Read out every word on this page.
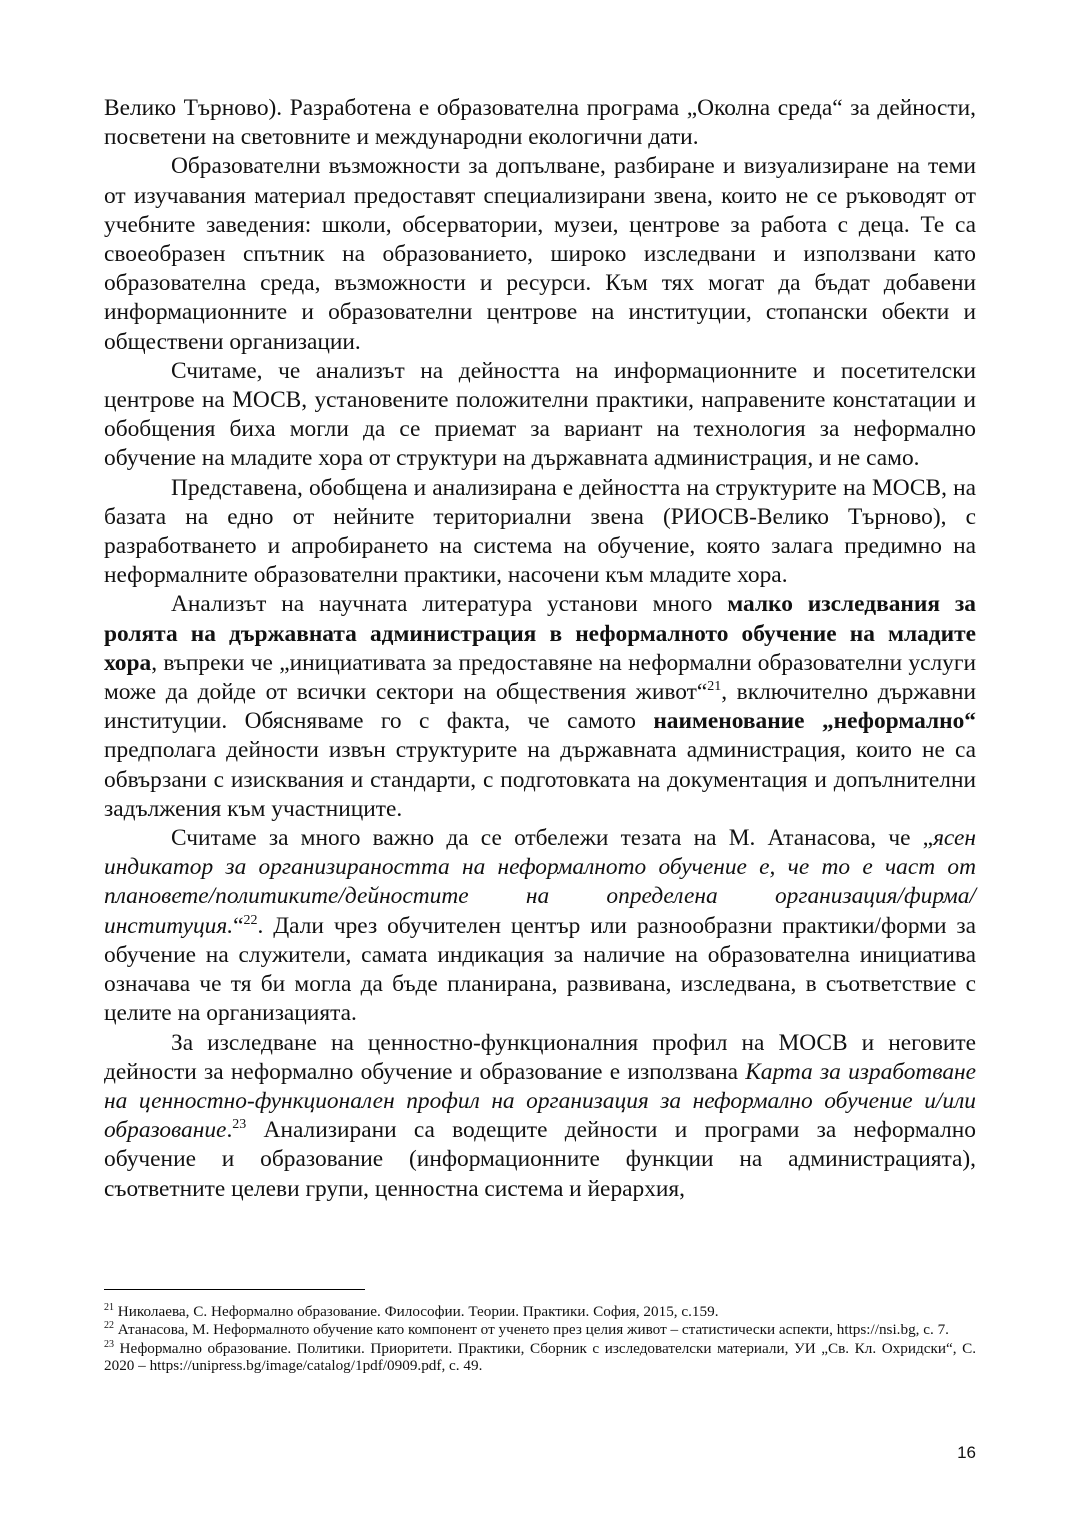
Велико Търново). Разработена е образователна програма „Околна среда“ за дейности, посветени на световните и международни екологични дати.

Образователни възможности за допълване, разбиране и визуализиране на теми от изучавания материал предоставят специализирани звена, които не се ръководят от учебните заведения: школи, обсерватории, музеи, центрове за работа с деца. Те са своеобразен спътник на образованието, широко изследвани и използвани като образователна среда, възможности и ресурси. Към тях могат да бъдат добавени информационните и образователни центрове на институции, стопански обекти и обществени организации.

Считаме, че анализът на дейността на информационните и посетителски центрове на МОСВ, установените положителни практики, направените констатации и обобщения биха могли да се приемат за вариант на технология за неформално обучение на младите хора от структури на държавната администрация, и не само.

Представена, обобщена и анализирана е дейността на структурите на МОСВ, на базата на едно от нейните териториални звена (РИОСВ-Велико Търново), с разработването и апробирането на система на обучение, която залага предимно на неформалните образователни практики, насочени към младите хора.

Анализът на научната литература установи много малко изследвания за ролята на държавната администрация в неформалното обучение на младите хора, въпреки че „инициативата за предоставяне на неформални образователни услуги може да дойде от всички сектори на обществения живот“$^{21}$, включително държавни институции. Обясняваме го с факта, че самото наименование „неформално“ предполага дейности извън структурите на държавната администрация, които не са обвързани с изисквания и стандарти, с подготовката на документация и допълнителни задължения към участниците.

Считаме за много важно да се отбележи тезата на М. Атанасова, че „ясен индикатор за организираността на неформалното обучение е, че то е част от плановете/политиките/дейностите на определена организация/фирма/институция.“$^{22}$. Дали чрез обучителен център или разнообразни практики/форми за обучение на служители, самата индикация за наличие на образователна инициатива означава че тя би могла да бъде планирана, развивана, изследвана, в съответствие с целите на организацията.

За изследване на ценностно-функционалния профил на МОСВ и неговите дейности за неформално обучение и образование е използвана Карта за изработване на ценностно-функционален профил на организация за неформално обучение и/или образование.$^{23}$ Анализирани са водещите дейности и програми за неформално обучение и образование (информационните функции на администрацията), съответните целеви групи, ценностна система и йерархия,

$^{21}$ Николаева, С. Неформално образование. Философии. Теории. Практики. София, 2015, с.159.

$^{22}$ Атанасова, М. Неформалното обучение като компонент от ученето през целия живот – статистически аспекти, https://nsi.bg, с. 7.

$^{23}$ Неформално образование. Политики. Приоритети. Практики, Сборник с изследователски материали, УИ „Св. Кл. Охридски“, С. 2020 – https://unipress.bg/image/catalog/1pdf/0909.pdf, с. 49.

16
